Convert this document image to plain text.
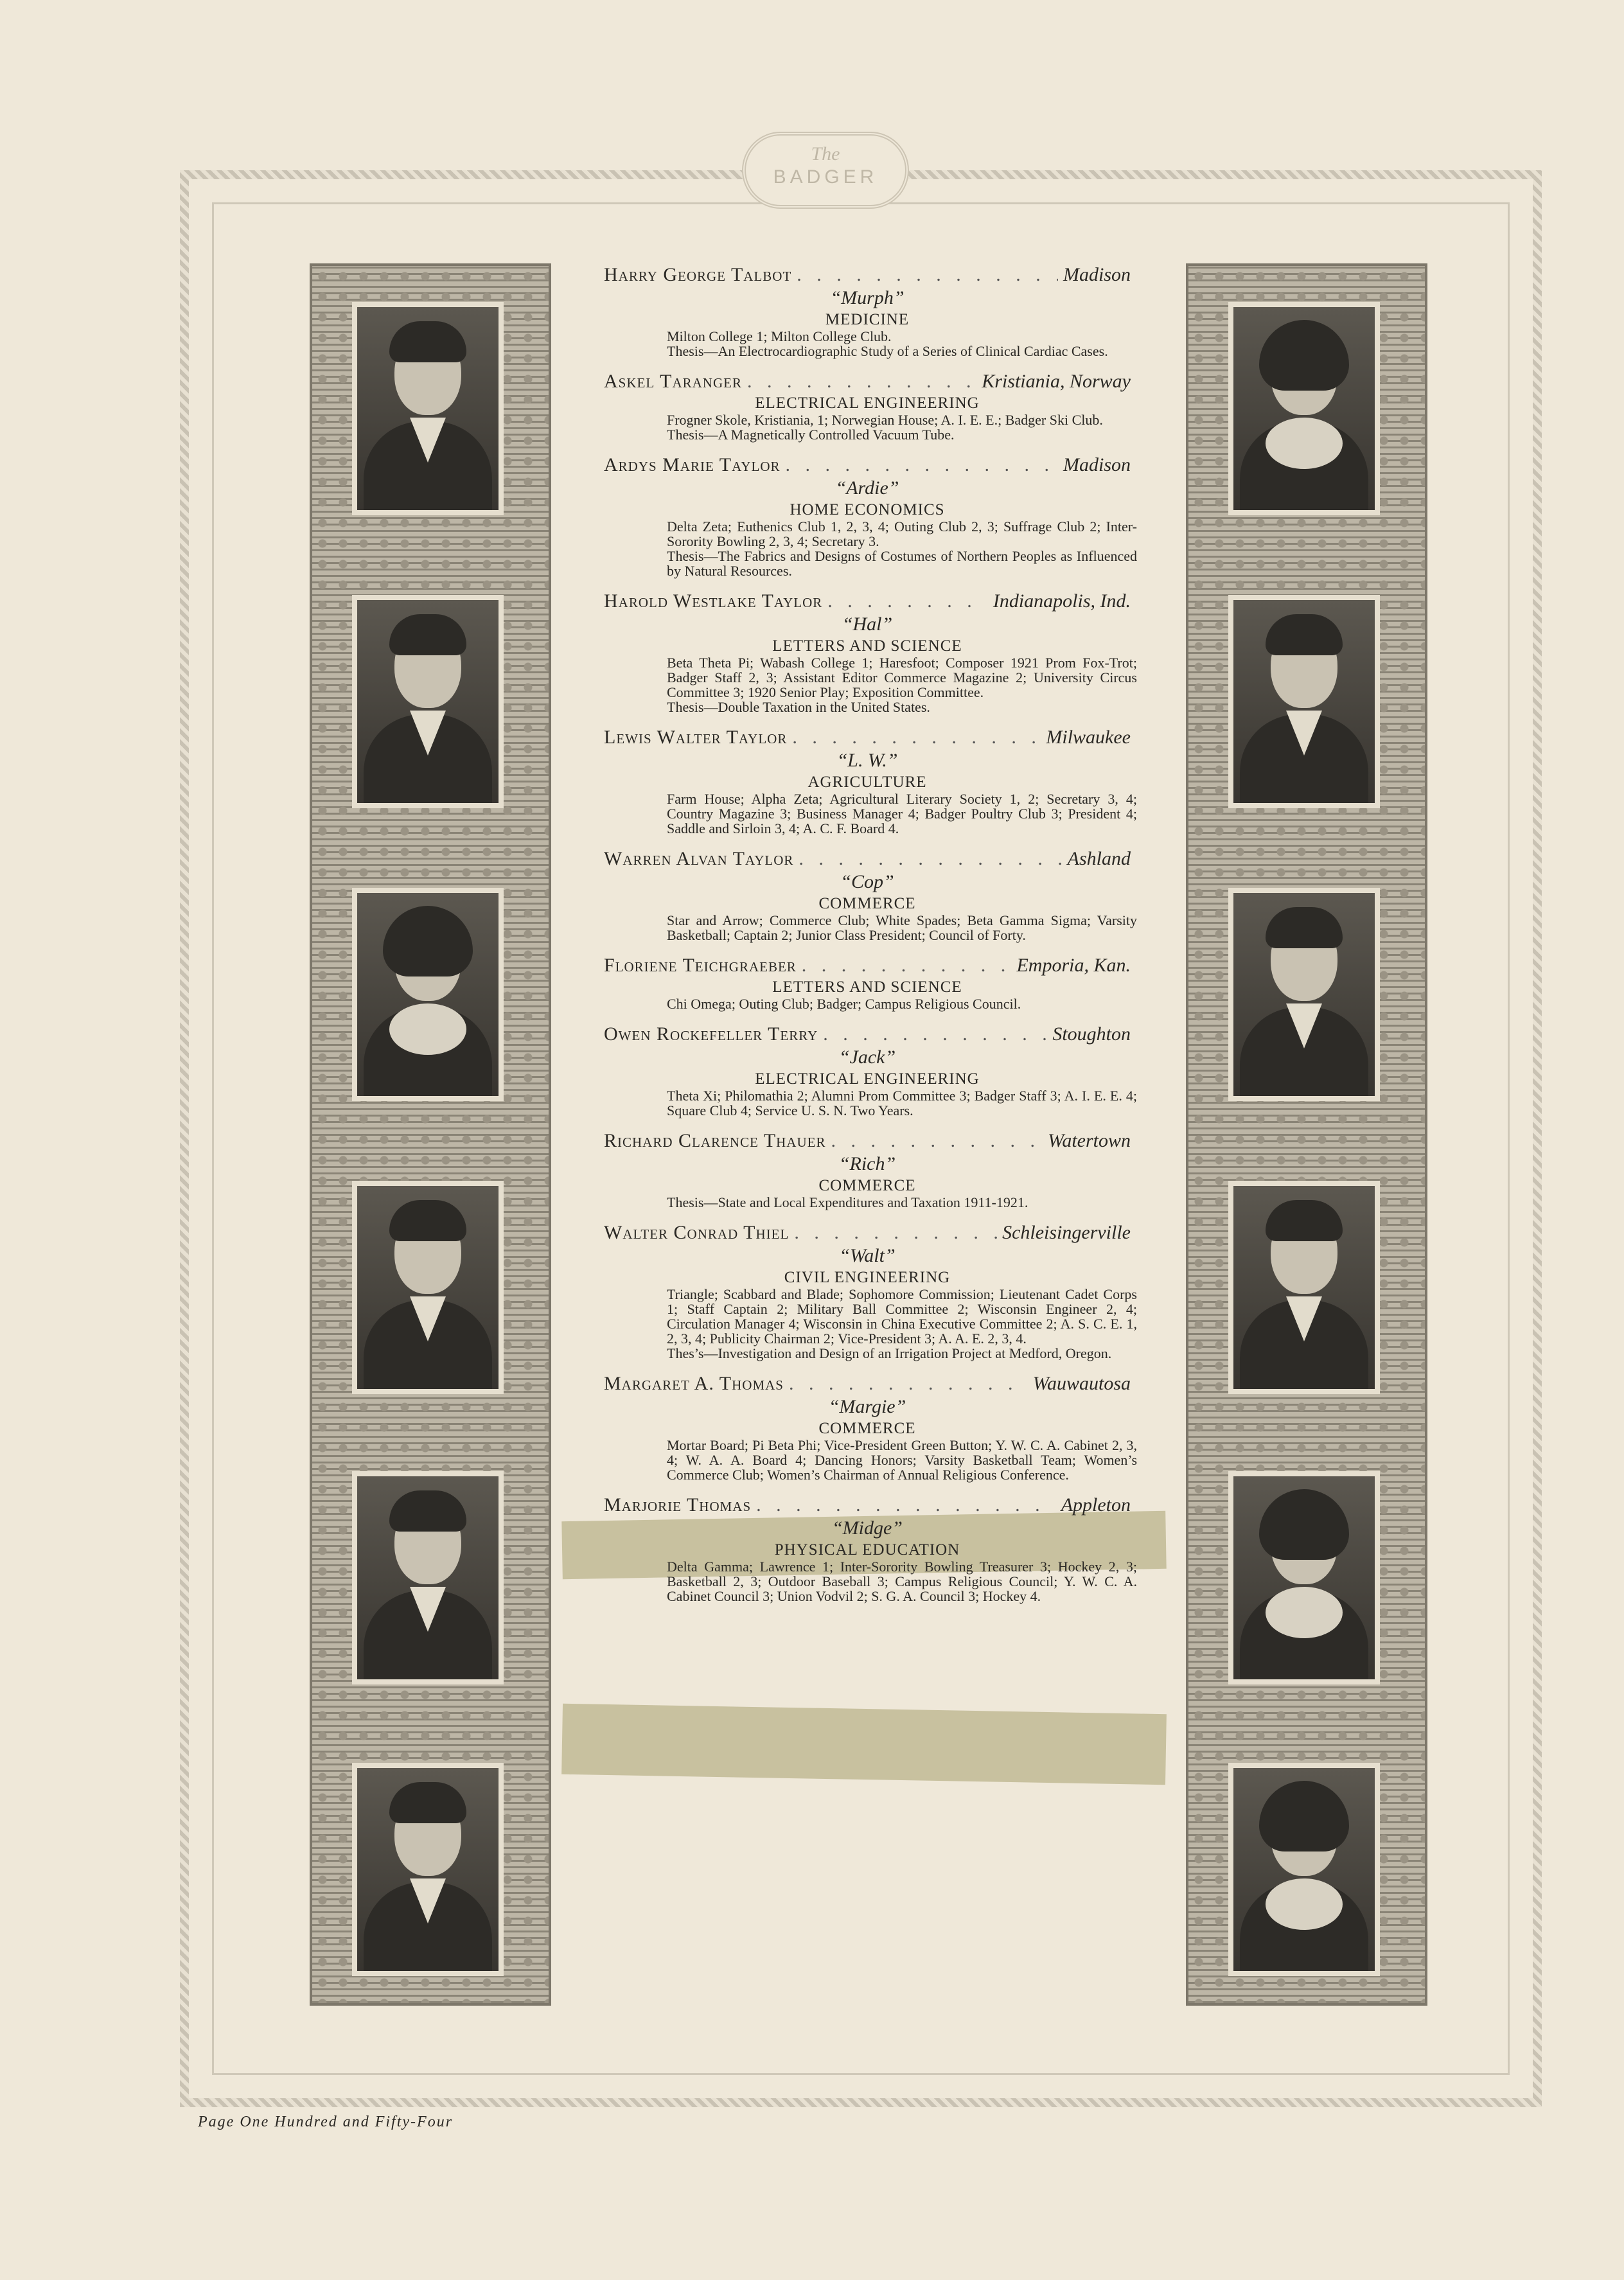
The
BADGER
Harry George Talbot . . .	Madison
“Murph”
MEDICINE
Milton College 1; Milton College Club.
Thesis—An Electrocardiographic Study of a Series of Clinical Cardiac Cases.
Askel Taranger . . .	Kristiania, Norway
ELECTRICAL ENGINEERING
Frogner Skole, Kristiania, 1; Norwegian House; A. I. E. E.; Badger Ski Club.
Thesis—A Magnetically Controlled Vacuum Tube.
Ardys Marie Taylor . . .	Madison
“Ardie”
HOME ECONOMICS
Delta Zeta; Euthenics Club 1, 2, 3, 4; Outing Club 2, 3; Suffrage Club 2; Inter-Sorority Bowling 2, 3, 4; Secretary 3.
Thesis—The Fabrics and Designs of Costumes of Northern Peoples as Influenced by Natural Resources.
Harold Westlake Taylor . . .	Indianapolis, Ind.
“Hal”
LETTERS AND SCIENCE
Beta Theta Pi; Wabash College 1; Haresfoot; Composer 1921 Prom Fox-Trot; Badger Staff 2, 3; Assistant Editor Commerce Magazine 2; University Circus Committee 3; 1920 Senior Play; Exposition Committee.
Thesis—Double Taxation in the United States.
Lewis Walter Taylor . . .	Milwaukee
“L. W.”
AGRICULTURE
Farm House; Alpha Zeta; Agricultural Literary Society 1, 2; Secretary 3, 4; Country Magazine 3; Business Manager 4; Badger Poultry Club 3; President 4; Saddle and Sirloin 3, 4; A. C. F. Board 4.
Warren Alvan Taylor . . .	Ashland
“Cop”
COMMERCE
Star and Arrow; Commerce Club; White Spades; Beta Gamma Sigma; Varsity Basketball; Captain 2; Junior Class President; Council of Forty.
Floriene Teichgraeber . . .	Emporia, Kan.
LETTERS AND SCIENCE
Chi Omega; Outing Club; Badger; Campus Religious Council.
Owen Rockefeller Terry . . .	Stoughton
“Jack”
ELECTRICAL ENGINEERING
Theta Xi; Philomathia 2; Alumni Prom Committee 3; Badger Staff 3; A. I. E. E. 4; Square Club 4; Service U. S. N. Two Years.
Richard Clarence Thauer . . .	Watertown
“Rich”
COMMERCE
Thesis—State and Local Expenditures and Taxation 1911-1921.
Walter Conrad Thiel . . .	Schleisingerville
“Walt”
CIVIL ENGINEERING
Triangle; Scabbard and Blade; Sophomore Commission; Lieutenant Cadet Corps 1; Staff Captain 2; Military Ball Committee 2; Wisconsin Engineer 2, 4; Circulation Manager 4; Wisconsin in China Executive Committee 2; A. S. C. E. 1, 2, 3, 4; Publicity Chairman 2; Vice-President 3; A. A. E. 2, 3, 4.
Thes’s—Investigation and Design of an Irrigation Project at Medford, Oregon.
Margaret A. Thomas . . .	Wauwautosa
“Margie”
COMMERCE
Mortar Board; Pi Beta Phi; Vice-President Green Button; Y. W. C. A. Cabinet 2, 3, 4; W. A. A. Board 4; Dancing Honors; Varsity Basketball Team; Women’s Commerce Club; Women’s Chairman of Annual Religious Conference.
Marjorie Thomas . . .	Appleton
“Midge”
PHYSICAL EDUCATION
Delta Gamma; Lawrence 1; Inter-Sorority Bowling Treasurer 3; Hockey 2, 3; Basketball 2, 3; Outdoor Baseball 3; Campus Religious Council; Y. W. C. A. Cabinet Council 3; Union Vodvil 2; S. G. A. Council 3; Hockey 4.
Page One Hundred and Fifty-Four
